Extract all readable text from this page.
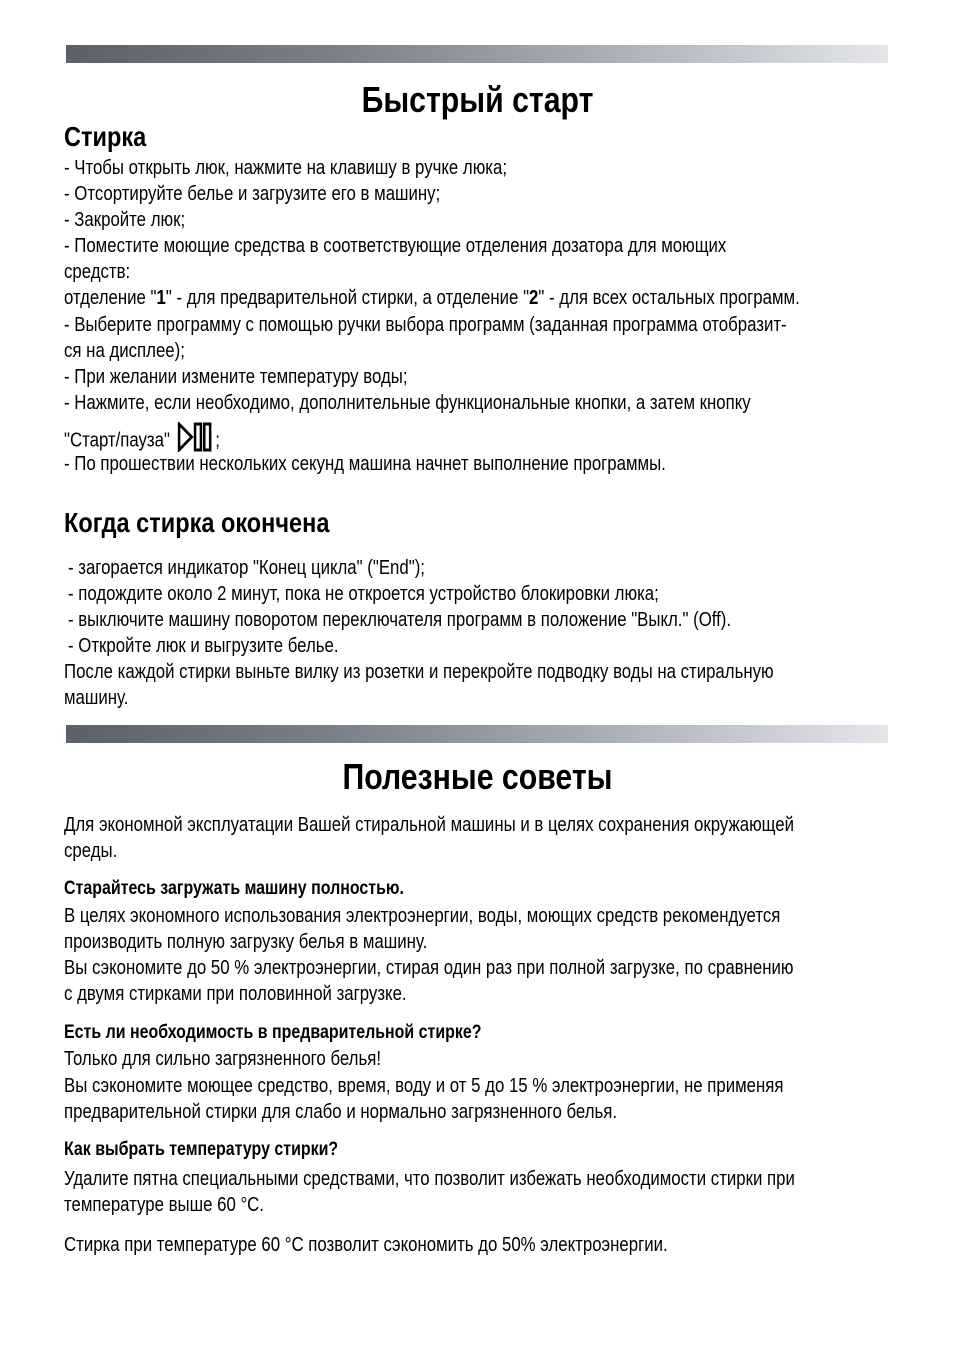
Быстрый старт
Стирка
- Чтобы открыть люк, нажмите на клавишу в ручке люка;
- Отсортируйте белье и загрузите его в машину;
- Закройте люк;
- Поместите моющие средства в соответствующие отделения дозатора для моющих
средств:
отделение "1" - для предварительной стирки, а отделение "2" - для всех остальных программ.
- Выберите программу с помощью ручки выбора программ (заданная программа отобразит-
ся на дисплее);
- При желании измените температуру воды;
- Нажмите, если необходимо, дополнительные функциональные кнопки, а затем кнопку
"Старт/пауза" ;
- По прошествии нескольких секунд машина начнет выполнение программы.
Когда стирка окончена
- загорается индикатор "Конец цикла" ("End");
- подождите около 2 минут, пока не откроется устройство блокировки люка;
- выключите машину поворотом переключателя программ в положение "Выкл." (Off).
- Откройте люк и выгрузите белье.
После каждой стирки выньте вилку из розетки и перекройте подводку воды на стиральную
машину.
Полезные советы
Для экономной эксплуатации Вашей стиральной машины и в целях сохранения окружающей
среды.
Старайтесь загружать машину полностью.
В целях экономного использования электроэнергии, воды, моющих средств рекомендуется
производить полную загрузку белья в машину.
Вы сэкономите до 50 % электроэнергии, стирая один раз при полной загрузке, по сравнению
с двумя стирками при половинной загрузке.
Есть ли необходимость в предварительной стирке?
Только для сильно загрязненного белья!
Вы сэкономите моющее средство, время, воду и от 5 до 15 % электроэнергии, не применяя
предварительной стирки для слабо и нормально загрязненного белья.
Как выбрать температуру стирки?
Удалите пятна специальными средствами, что позволит избежать необходимости стирки при
температуре выше 60 °С.
Стирка при температуре 60 °С позволит сэкономить до 50% электроэнергии.
